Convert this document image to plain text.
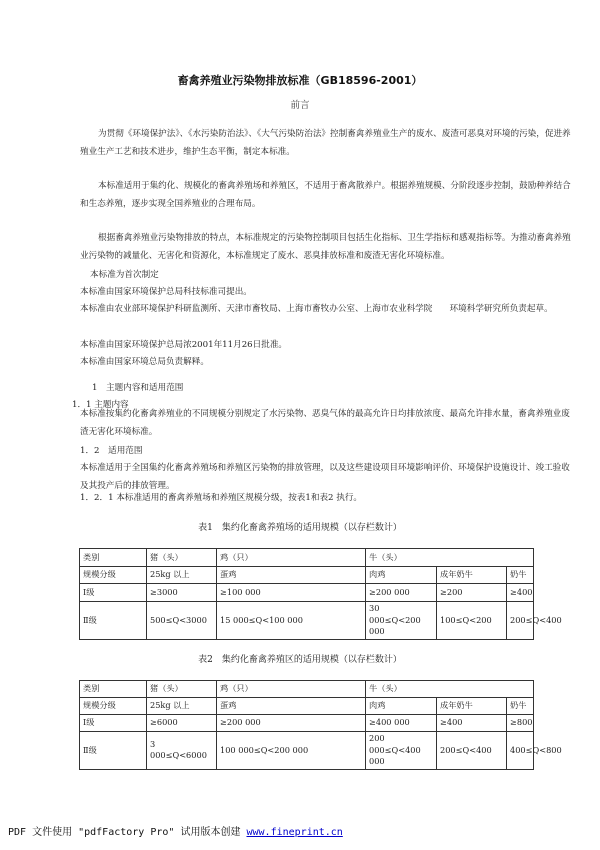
畜禽养殖业污染物排放标准（GB18596-2001）
前言

为贯彻《环境保护法》、《水污染防治法》、《大气污染防治法》控制畜禽养殖业生产的废水、废渣可恶臭对环境的污染，促进养殖业生产工艺和技术进步，维护生态平衡，制定本标准。

本标准适用于集约化、规模化的畜禽养殖场和养殖区，不适用于畜禽散养户。根据养殖规模、分阶段逐步控制，鼓励种养结合和生态养殖，逐步实现全国养殖业的合理布局。

根据畜禽养殖业污染物排放的特点，本标准规定的污染物控制项目包括生化指标、卫生学指标和感观指标等。为推动畜禽养殖业污染物的减量化、无害化和资源化，本标准规定了废水、恶臭排放标准和废渣无害化环境标准。

本标准为首次制定

本标准由国家环境保护总局科技标准司提出。

本标准由农业部环境保护科研监测所、天津市畜牧局、上海市畜牧办公室、上海市农业科学院　　环境科学研究所负责起草。

本标准由国家环境保护总局浓2001年11月26日批准。

本标准由国家环境总局负责解释。

1　主题内容和适用范围

1．1 主题内容

本标准按集约化畜禽养殖业的不同规模分别规定了水污染物、恶臭气体的最高允许日均排放浓度、最高允许排水量，畜禽养殖业废渣无害化环境标准。

1．2　适用范围

本标准适用于全国集约化畜禽养殖场和养殖区污染物的排放管理，以及这些建设项目环境影响评价、环境保护设施设计、竣工验收及其投产后的排放管理。

1．2．1 本标准适用的畜禽养殖场和养殖区规模分级，按表1和表2 执行。

表1　集约化畜禽养殖场的适用规模（以存栏数计）
类别	猪（头）	鸡（只）	牛（头）		
规模分级	25kg 以上	蛋鸡	肉鸡	成年奶牛	奶牛
Ⅰ级	≥3000	≥100 000	≥200 000	≥200	≥400
Ⅱ级	500≤Q<3000	15 000≤Q<100 000	30 000≤Q<200 000	100≤Q<200	200≤Q<400
表2　集约化畜禽养殖区的适用规模（以存栏数计）
类别	猪（头）	鸡（只）	牛（头）		
规模分级	25kg 以上	蛋鸡	肉鸡	成年奶牛	奶牛
Ⅰ级	≥6000	≥200 000	≥400 000	≥400	≥800
Ⅱ级	3 000≤Q<6000	100 000≤Q<200 000	200 000≤Q<400 000	200≤Q<400	400≤Q<800
PDF 文件使用 "pdfFactory Pro" 试用版本创建 www.fineprint.cn
